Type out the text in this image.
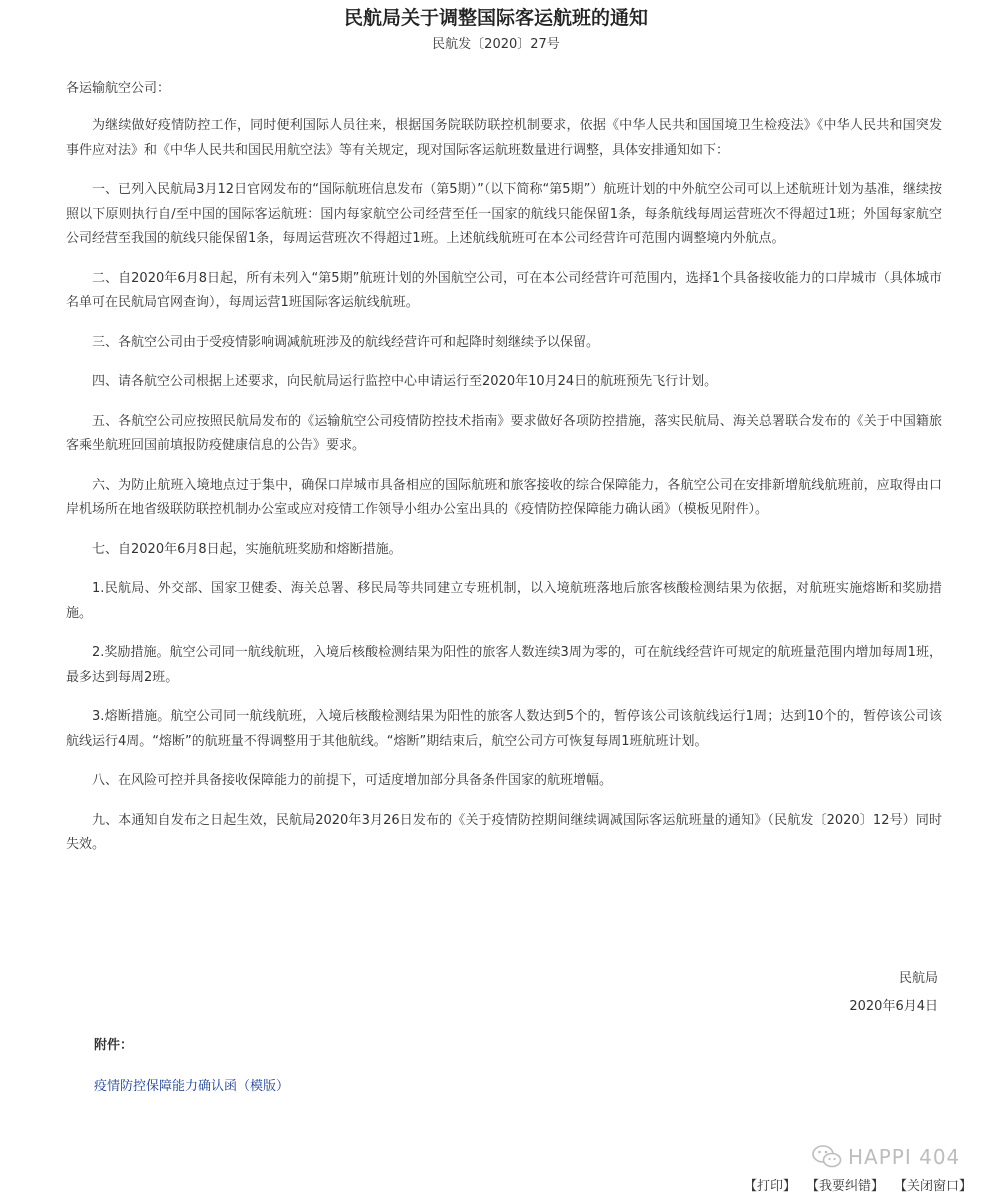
民航局关于调整国际客运航班的通知
民航发〔2020〕27号
各运输航空公司：

为继续做好疫情防控工作，同时便利国际人员往来，根据国务院联防联控机制要求，依据《中华人民共和国国境卫生检疫法》《中华人民共和国突发事件应对法》和《中华人民共和国民用航空法》等有关规定，现对国际客运航班数量进行调整，具体安排通知如下：

一、已列入民航局3月12日官网发布的“国际航班信息发布（第5期）”（以下简称“第5期”）航班计划的中外航空公司可以上述航班计划为基准，继续按照以下原则执行自/至中国的国际客运航班：国内每家航空公司经营至任一国家的航线只能保留1条，每条航线每周运营班次不得超过1班；外国每家航空公司经营至我国的航线只能保留1条，每周运营班次不得超过1班。上述航线航班可在本公司经营许可范围内调整境内外航点。

二、自2020年6月8日起，所有未列入“第5期”航班计划的外国航空公司，可在本公司经营许可范围内，选择1个具备接收能力的口岸城市（具体城市名单可在民航局官网查询），每周运营1班国际客运航线航班。

三、各航空公司由于受疫情影响调减航班涉及的航线经营许可和起降时刻继续予以保留。

四、请各航空公司根据上述要求，向民航局运行监控中心申请运行至2020年10月24日的航班预先飞行计划。

五、各航空公司应按照民航局发布的《运输航空公司疫情防控技术指南》要求做好各项防控措施，落实民航局、海关总署联合发布的《关于中国籍旅客乘坐航班回国前填报防疫健康信息的公告》要求。

六、为防止航班入境地点过于集中，确保口岸城市具备相应的国际航班和旅客接收的综合保障能力，各航空公司在安排新增航线航班前，应取得由口岸机场所在地省级联防联控机制办公室或应对疫情工作领导小组办公室出具的《疫情防控保障能力确认函》（模板见附件）。

七、自2020年6月8日起，实施航班奖励和熔断措施。

1.民航局、外交部、国家卫健委、海关总署、移民局等共同建立专班机制，以入境航班落地后旅客核酸检测结果为依据，对航班实施熔断和奖励措施。

2.奖励措施。航空公司同一航线航班，入境后核酸检测结果为阳性的旅客人数连续3周为零的，可在航线经营许可规定的航班量范围内增加每周1班，最多达到每周2班。

3.熔断措施。航空公司同一航线航班，入境后核酸检测结果为阳性的旅客人数达到5个的，暂停该公司该航线运行1周；达到10个的，暂停该公司该航线运行4周。“熔断”的航班量不得调整用于其他航线。“熔断”期结束后，航空公司方可恢复每周1班航班计划。

八、在风险可控并具备接收保障能力的前提下，可适度增加部分具备条件国家的航班增幅。

九、本通知自发布之日起生效，民航局2020年3月26日发布的《关于疫情防控期间继续调减国际客运航班量的通知》（民航发〔2020〕12号）同时失效。

民航局
2020年6月4日
附件：
疫情防控保障能力确认函（模版）
HAPPI 404
【打印】 【我要纠错】 【关闭窗口】
